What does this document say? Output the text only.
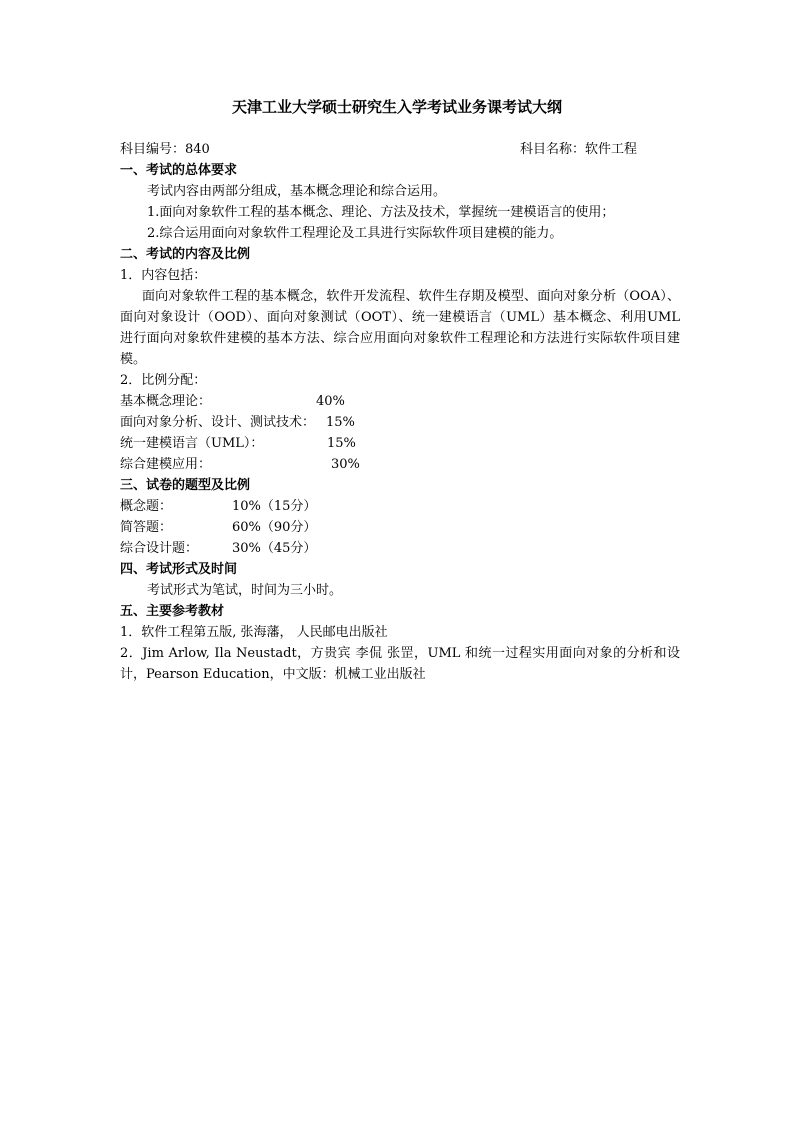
天津工业大学硕士研究生入学考试业务课考试大纲
科目编号：840	科目名称：软件工程
一、考试的总体要求
考试内容由两部分组成，基本概念理论和综合运用。
1.面向对象软件工程的基本概念、理论、方法及技术，掌握统一建模语言的使用；
2.综合运用面向对象软件工程理论及工具进行实际软件项目建模的能力。
二、考试的内容及比例
1．内容包括：
面向对象软件工程的基本概念，软件开发流程、软件生存期及模型、面向对象分析（OOA）、面向对象设计（OOD）、面向对象测试（OOT）、统一建模语言（UML）基本概念、利用UML 进行面向对象软件建模的基本方法、综合应用面向对象软件工程理论和方法进行实际软件项目建模。
2．比例分配：
基本概念理论：	40%
面向对象分析、设计、测试技术： 15%
统一建模语言（UML）：	15%
综合建模应用：	30%
三、试卷的题型及比例
概念题：	10%（15分）
简答题：	60%（90分）
综合设计题：	30%（45分）
四、考试形式及时间
考试形式为笔试，时间为三小时。
五、主要参考教材
1．软件工程第五版, 张海藩， 人民邮电出版社
2．Jim Arlow, Ila Neustadt，方贵宾 李侃 张罡，UML 和统一过程实用面向对象的分析和设计，Pearson Education，中文版：机械工业出版社
